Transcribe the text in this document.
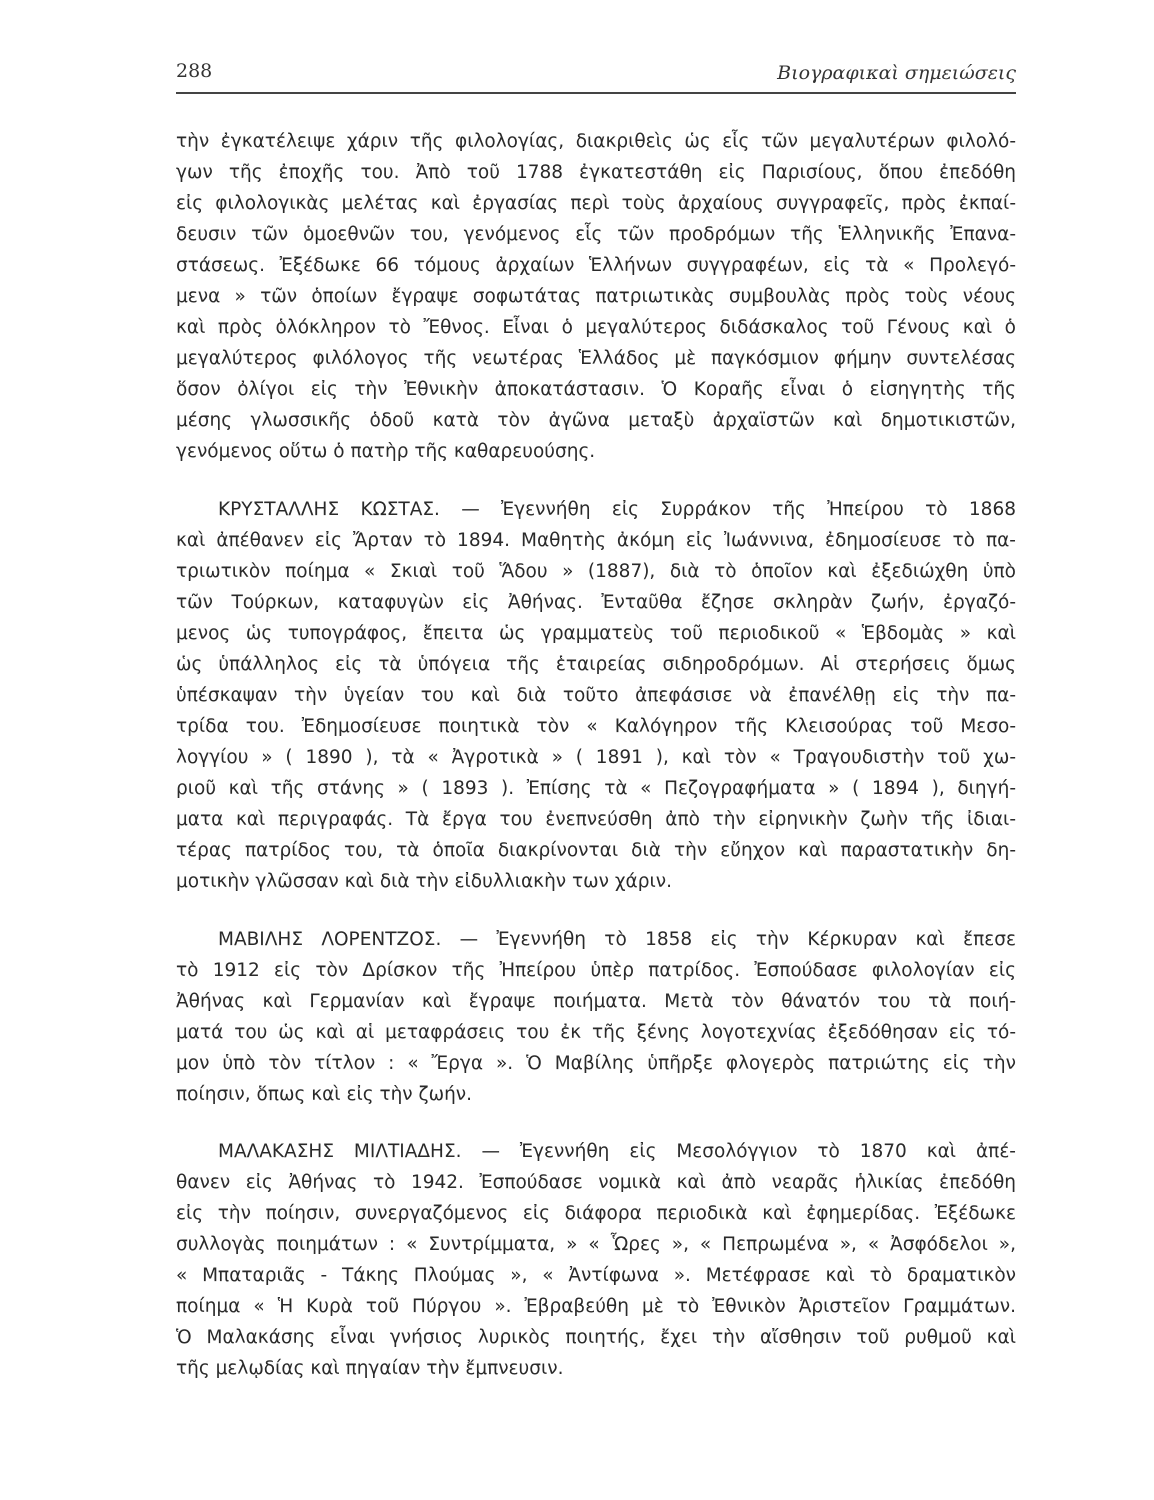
288	Βιογραφικαὶ σημειώσεις
τὴν ἐγκατέλειψε χάριν τῆς φιλολογίας, διακριθεὶς ὡς εἷς τῶν μεγαλυτέρων φιλολό-
γων τῆς ἐποχῆς του. Ἀπὸ τοῦ 1788 ἐγκατεστάθη εἰς Παρισίους, ὅπου ἐπεδόθη
εἰς φιλολογικὰς μελέτας καὶ ἐργασίας περὶ τοὺς ἀρχαίους συγγραφεῖς, πρὸς ἐκπαί-
δευσιν τῶν ὁμοεθνῶν του, γενόμενος εἷς τῶν προδρόμων τῆς Ἑλληνικῆς Ἐπανα-
στάσεως. Ἐξέδωκε 66 τόμους ἀρχαίων Ἑλλήνων συγγραφέων, εἰς τὰ « Προλεγό-
μενα » τῶν ὁποίων ἔγραψε σοφωτάτας πατριωτικὰς συμβουλὰς πρὸς τοὺς νέους
καὶ πρὸς ὁλόκληρον τὸ Ἔθνος. Εἶναι ὁ μεγαλύτερος διδάσκαλος τοῦ Γένους καὶ ὁ
μεγαλύτερος φιλόλογος τῆς νεωτέρας Ἑλλάδος μὲ παγκόσμιον φήμην συντελέσας
ὅσον ὀλίγοι εἰς τὴν Ἐθνικὴν ἀποκατάστασιν. Ὁ Κοραῆς εἶναι ὁ εἰσηγητὴς τῆς
μέσης γλωσσικῆς ὁδοῦ κατὰ τὸν ἀγῶνα μεταξὺ ἀρχαϊστῶν καὶ δημοτικιστῶν,
γενόμενος οὕτω ὁ πατὴρ τῆς καθαρευούσης.
ΚΡΥΣΤΑΛΛΗΣ ΚΩΣΤΑΣ. — Ἐγεννήθη εἰς Συρράκον τῆς Ἠπείρου τὸ 1868
καὶ ἀπέθανεν εἰς Ἄρταν τὸ 1894. Μαθητὴς ἀκόμη εἰς Ἰωάννινα, ἐδημοσίευσε τὸ πα-
τριωτικὸν ποίημα « Σκιαὶ τοῦ Ἅδου » (1887), διὰ τὸ ὁποῖον καὶ ἐξεδιώχθη ὑπὸ
τῶν Τούρκων, καταφυγὼν εἰς Ἀθήνας. Ἐνταῦθα ἔζησε σκληρὰν ζωήν, ἐργαζό-
μενος ὡς τυπογράφος, ἔπειτα ὡς γραμματεὺς τοῦ περιοδικοῦ « Ἑβδομὰς » καὶ
ὡς ὑπάλληλος εἰς τὰ ὑπόγεια τῆς ἑταιρείας σιδηροδρόμων. Αἱ στερήσεις ὅμως
ὑπέσκαψαν τὴν ὑγείαν του καὶ διὰ τοῦτο ἀπεφάσισε νὰ ἐπανέλθῃ εἰς τὴν πα-
τρίδα του. Ἐδημοσίευσε ποιητικὰ τὸν « Καλόγηρον τῆς Κλεισούρας τοῦ Μεσο-
λογγίου » ( 1890 ), τὰ « Ἀγροτικὰ » ( 1891 ), καὶ τὸν « Τραγουδιστὴν τοῦ χω-
ριοῦ καὶ τῆς στάνης » ( 1893 ). Ἐπίσης τὰ « Πεζογραφήματα » ( 1894 ), διηγή-
ματα καὶ περιγραφάς. Τὰ ἔργα του ἐνεπνεύσθη ἀπὸ τὴν εἰρηνικὴν ζωὴν τῆς ἰδιαι-
τέρας πατρίδος του, τὰ ὁποῖα διακρίνονται διὰ τὴν εὔηχον καὶ παραστατικὴν δη-
μοτικὴν γλῶσσαν καὶ διὰ τὴν εἰδυλλιακὴν των χάριν.
ΜΑΒΙΛΗΣ ΛΟΡΕΝΤΖΟΣ. — Ἐγεννήθη τὸ 1858 εἰς τὴν Κέρκυραν καὶ ἔπεσε
τὸ 1912 εἰς τὸν Δρίσκον τῆς Ἠπείρου ὑπὲρ πατρίδος. Ἐσπούδασε φιλολογίαν εἰς
Ἀθήνας καὶ Γερμανίαν καὶ ἔγραψε ποιήματα. Μετὰ τὸν θάνατόν του τὰ ποιή-
ματά του ὡς καὶ αἱ μεταφράσεις του ἐκ τῆς ξένης λογοτεχνίας ἐξεδόθησαν εἰς τό-
μον ὑπὸ τὸν τίτλον : « Ἔργα ». Ὁ Μαβίλης ὑπῆρξε φλογερὸς πατριώτης εἰς τὴν
ποίησιν, ὅπως καὶ εἰς τὴν ζωήν.
ΜΑΛΑΚΑΣΗΣ ΜΙΛΤΙΑΔΗΣ. — Ἐγεννήθη εἰς Μεσολόγγιον τὸ 1870 καὶ ἀπέ-
θανεν εἰς Ἀθήνας τὸ 1942. Ἐσπούδασε νομικὰ καὶ ἀπὸ νεαρᾶς ἡλικίας ἐπεδόθη
εἰς τὴν ποίησιν, συνεργαζόμενος εἰς διάφορα περιοδικὰ καὶ ἐφημερίδας. Ἐξέδωκε
συλλογὰς ποιημάτων : « Συντρίμματα, » « Ὧρες », « Πεπρωμένα », « Ἀσφόδελοι »,
« Μπαταριᾶς - Τάκης Πλούμας », « Ἀντίφωνα ». Μετέφρασε καὶ τὸ δραματικὸν
ποίημα « Ἡ Κυρὰ τοῦ Πύργου ». Ἐβραβεύθη μὲ τὸ Ἐθνικὸν Ἀριστεῖον Γραμμάτων.
Ὁ Μαλακάσης εἶναι γνήσιος λυρικὸς ποιητής, ἔχει τὴν αἴσθησιν τοῦ ρυθμοῦ καὶ
τῆς μελῳδίας καὶ πηγαίαν τὴν ἔμπνευσιν.
